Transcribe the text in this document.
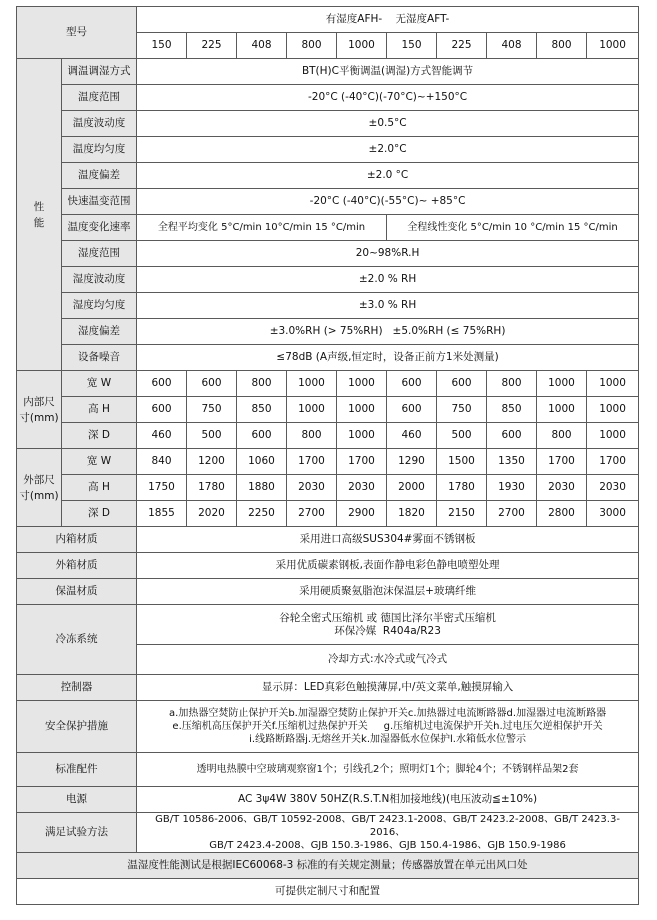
型号		有湿度AFH-    无湿度AFT-									
		150	225	408	800	1000	150	225	408	800	1000
性
能	调温调湿方式	BT(H)C平衡调温(调湿)方式智能调节									
	温度范围	-20°C (-40°C)(-70°C)~+150°C									
	温度波动度	±0.5°C									
	温度均匀度	±2.0°C									
	温度偏差	±2.0 °C									
	快速温变范围	-20°C (-40°C)(-55°C)~ +85°C									
	温度变化速率	全程平均变化 5°C/min 10°C/min 15 °C/min					全程线性变化 5°C/min 10 °C/min 15 °C/min				
	湿度范围	20~98%R.H									
	湿度波动度	±2.0 % RH									
	湿度均匀度	±3.0 % RH									
	湿度偏差	±3.0%RH (> 75%RH)   ±5.0%RH (≤ 75%RH)									
	设备噪音	≤78dB (A声级,恒定时，设备正前方1米处测量)									
内部尺
寸(mm)	宽 W	600	600	800	1000	1000	600	600	800	1000	1000
	高 H	600	750	850	1000	1000	600	750	850	1000	1000
	深 D	460	500	600	800	1000	460	500	600	800	1000
外部尺
寸(mm)	宽 W	840	1200	1060	1700	1700	1290	1500	1350	1700	1700
	高 H	1750	1780	1880	2030	2030	2000	1780	1930	2030	2030
	深 D	1855	2020	2250	2700	2900	1820	2150	2700	2800	3000
内箱材质		采用进口高级SUS304#雾面不锈钢板									
外箱材质		采用优质碳素钢板,表面作静电彩色静电喷塑处理									
保温材质		采用硬质聚氨脂泡沫保温层+玻璃纤维									
冷冻系统		谷轮全密式压缩机 或 德国比泽尔半密式压缩机
环保冷媒  R404a/R23									

		冷却方式:水冷式或气冷式									
控制器		显示屏：LED真彩色触摸薄屏,中/英文菜单,触摸屏输入									
安全保护措施		a.加热器空焚防止保护开关b.加湿器空焚防止保护开关c.加热器过电流断路器d.加湿器过电流断路器
e.压缩机高压保护开关f.压缩机过热保护开关     g.压缩机过电流保护开关h.过电压欠逆相保护开关
i.线路断路器j.无熔丝开关k.加湿器低水位保护l.水箱低水位警示									

标准配件		透明电热膜中空玻璃观察窗1个；引线孔2个；照明灯1个；脚轮4个；不锈钢样品架2套									
电源		AC 3ψ4W 380V 50HZ(R.S.T.N相加接地线)(电压波动≦±10%)									
满足试验方法		GB/T 10586-2006、GB/T 10592-2008、GB/T 2423.1-2008、GB/T 2423.2-2008、GB/T 2423.3-2016、
GB/T 2423.4-2008、GJB 150.3-1986、GJB 150.4-1986、GJB 150.9-1986									

温湿度性能测试是根据IEC60068-3 标准的有关规定测量；传感器放置在单元出风口处											
可提供定制尺寸和配置											
